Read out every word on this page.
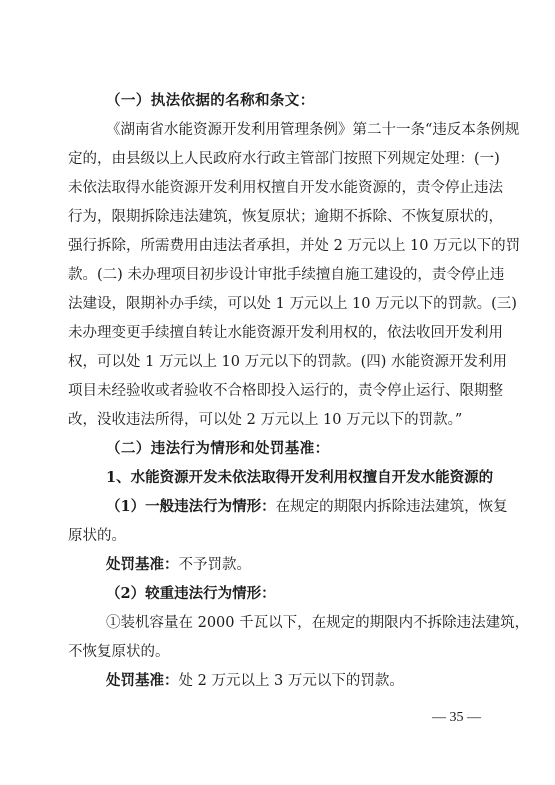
（一）执法依据的名称和条文：
《湖南省水能资源开发利用管理条例》第二十一条“违反本条例规
定的，由县级以上人民政府水行政主管部门按照下列规定处理：(一)
未依法取得水能资源开发利用权擅自开发水能资源的，责令停止违法
行为，限期拆除违法建筑，恢复原状；逾期不拆除、不恢复原状的，
强行拆除，所需费用由违法者承担，并处 2 万元以上 10 万元以下的罚
款。(二) 未办理项目初步设计审批手续擅自施工建设的，责令停止违
法建设，限期补办手续，可以处 1 万元以上 10 万元以下的罚款。(三)
未办理变更手续擅自转让水能资源开发利用权的，依法收回开发利用
权，可以处 1 万元以上 10 万元以下的罚款。(四) 水能资源开发利用
项目未经验收或者验收不合格即投入运行的，责令停止运行、限期整
改，没收违法所得，可以处 2 万元以上 10 万元以下的罚款。”
（二）违法行为情形和处罚基准：
1、水能资源开发未依法取得开发利用权擅自开发水能资源的
（1）一般违法行为情形：在规定的期限内拆除违法建筑，恢复
原状的。
处罚基准：不予罚款。
（2）较重违法行为情形：
①装机容量在 2000 千瓦以下，在规定的期限内不拆除违法建筑，
不恢复原状的。
处罚基准：处 2 万元以上 3 万元以下的罚款。
— 35 —
